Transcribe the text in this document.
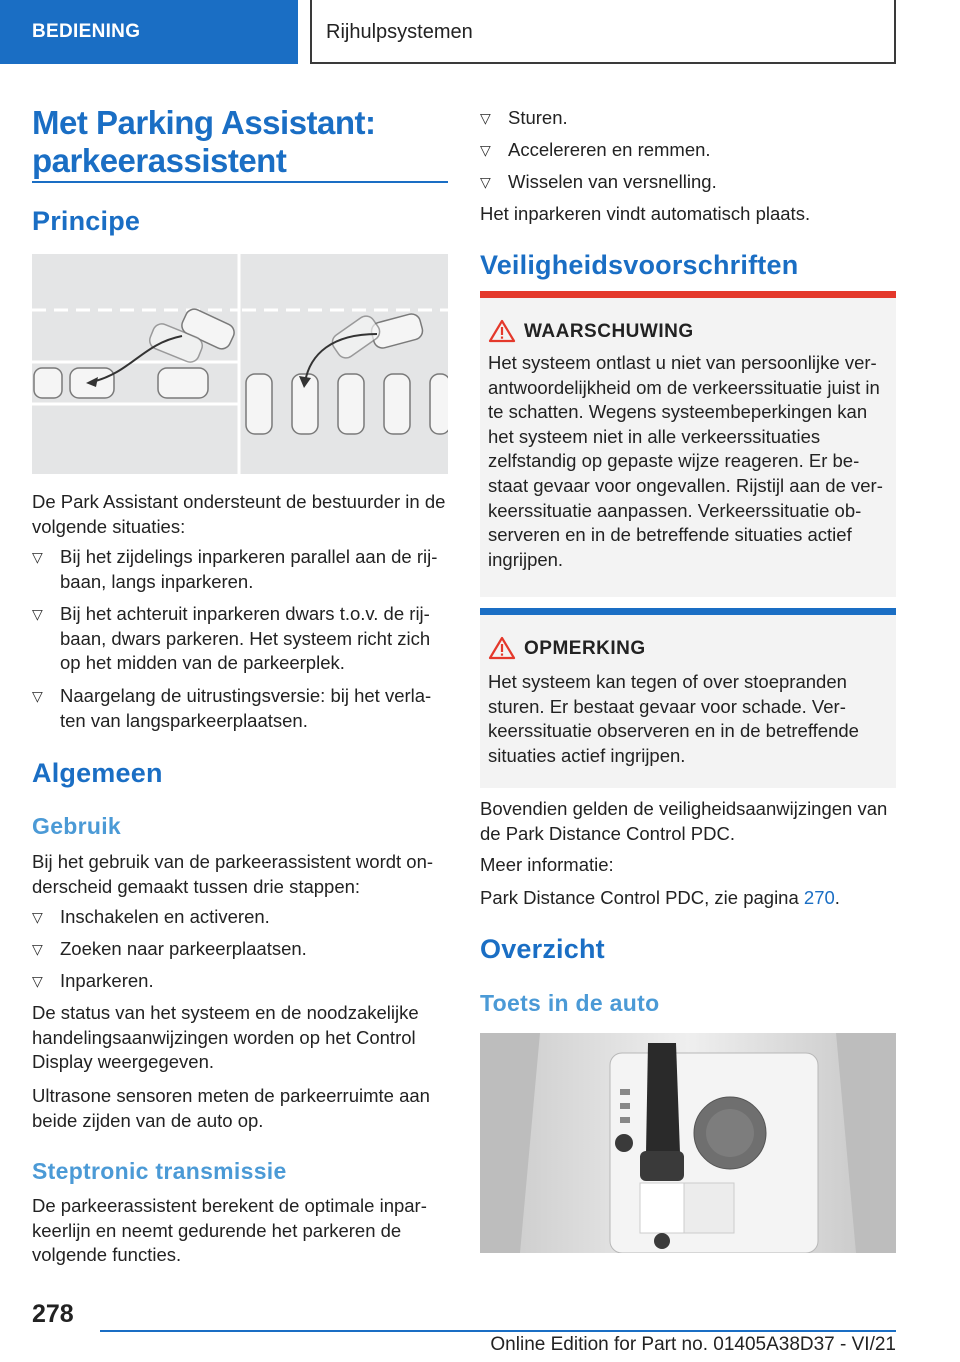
BEDIENING	Rijhulpsystemen
Met Parking Assistant: parkeerassistent
Principe
De Park Assistant ondersteunt de bestuurder in de volgende situaties:
▽ Bij het zijdelings inparkeren parallel aan de rij-baan, langs inparkeren.
▽ Bij het achteruit inparkeren dwars t.o.v. de rij-baan, dwars parkeren. Het systeem richt zich op het midden van de parkeerplek.
▽ Naargelang de uitrustingsversie: bij het verla-ten van langsparkeerplaatsen.
Algemeen
Gebruik
Bij het gebruik van de parkeerassistent wordt on-derscheid gemaakt tussen drie stappen:
▽ Inschakelen en activeren.
▽ Zoeken naar parkeerplaatsen.
▽ Inparkeren.
De status van het systeem en de noodzakelijke handelingsaanwijzingen worden op het Control Display weergegeven.
Ultrasone sensoren meten de parkeerruimte aan beide zijden van de auto op.
Steptronic transmissie
De parkeerassistent berekent de optimale inpar-keerlijn en neemt gedurende het parkeren de volgende functies.
▽ Sturen.
▽ Accelereren en remmen.
▽ Wisselen van versnelling.
Het inparkeren vindt automatisch plaats.
Veiligheidsvoorschriften
WAARSCHUWING
Het systeem ontlast u niet van persoonlijke ver-antwoordelijkheid om de verkeerssituatie juist in te schatten. Wegens systeembeperkingen kan het systeem niet in alle verkeerssituaties zelfstandig op gepaste wijze reageren. Er be-staat gevaar voor ongevallen. Rijstijl aan de ver-keerssituatie aanpassen. Verkeerssituatie ob-serveren en in de betreffende situaties actief ingrijpen.
OPMERKING
Het systeem kan tegen of over stoepranden sturen. Er bestaat gevaar voor schade. Ver-keerssituatie observeren en in de betreffende situaties actief ingrijpen.
Bovendien gelden de veiligheidsaanwijzingen van de Park Distance Control PDC.
Meer informatie:
Park Distance Control PDC, zie pagina 270.
Overzicht
Toets in de auto
278
Online Edition for Part no. 01405A38D37 - VI/21
